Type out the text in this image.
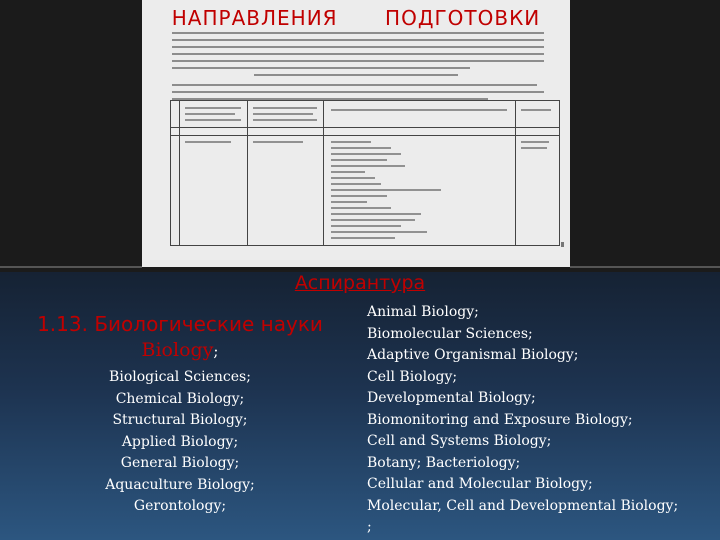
НАПРАВЛЕНИЯ ПОДГОТОВКИ
Аспирантура
1.13. Биологические науки
Biology;
Biological Sciences;
Chemical Biology;
Structural Biology;
Applied Biology;
General Biology;
Aquaculture Biology;
Gerontology;
Animal Biology;
Biomolecular Sciences;
Adaptive Organismal Biology;
Cell Biology;
Developmental Biology;
Biomonitoring and Exposure Biology;
Cell and Systems Biology;
Botany; Bacteriology;
Cellular and Molecular Biology;
Molecular, Cell and Developmental Biology;
;
